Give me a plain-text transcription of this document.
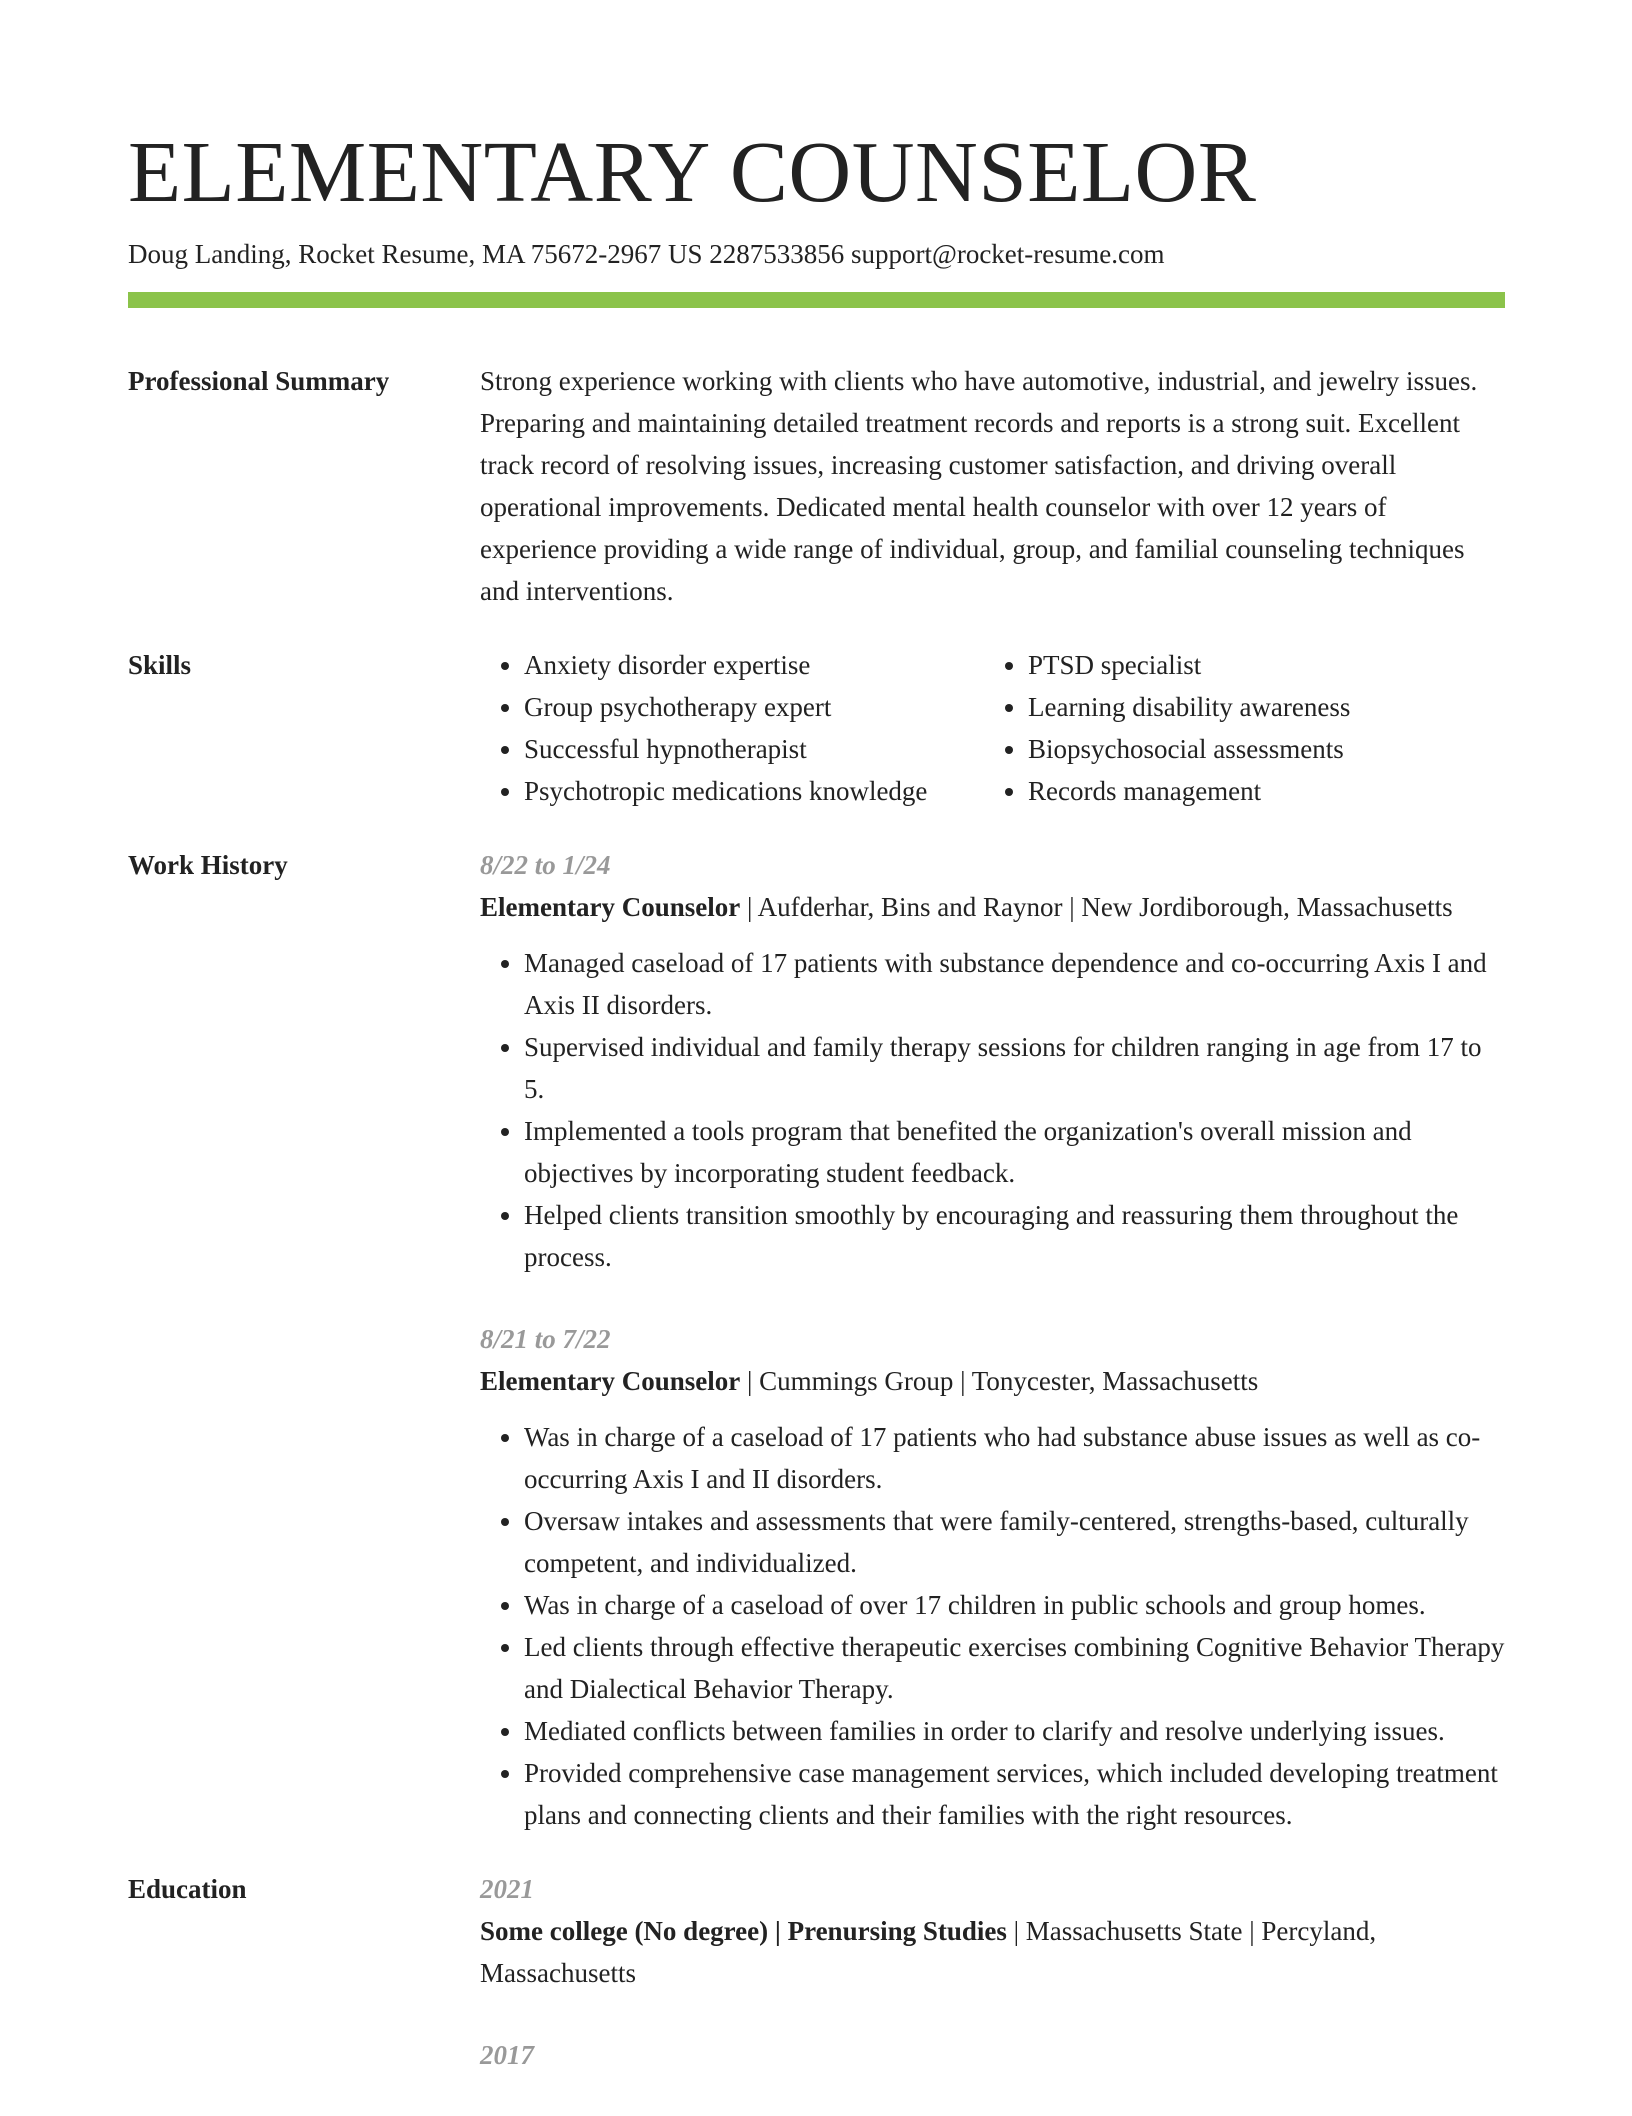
ELEMENTARY COUNSELOR
Doug Landing, Rocket Resume, MA 75672-2967 US 2287533856 support@rocket-resume.com
Professional Summary	Strong experience working with clients who have automotive, industrial, and jewelry issues. Preparing and maintaining detailed treatment records and reports is a strong suit. Excellent track record of resolving issues, increasing customer satisfaction, and driving overall operational improvements. Dedicated mental health counselor with over 12 years of experience providing a wide range of individual, group, and familial counseling techniques and interventions.

Skills
•	Anxiety disorder expertise
• Group psychotherapy expert
• Successful hypnotherapist
• Psychotropic medications knowledge
• PTSD specialist
• Learning disability awareness
• Biopsychosocial assessments
• Records management
Work History	8/22 to 1/24
Elementary Counselor | Aufderhar, Bins and Raynor | New Jordiborough, Massachusetts
• Managed caseload of 17 patients with substance dependence and co-occurring Axis I and Axis II disorders.
• Supervised individual and family therapy sessions for children ranging in age from 17 to 5.
• Implemented a tools program that benefited the organization's overall mission and objectives by incorporating student feedback.
• Helped clients transition smoothly by encouraging and reassuring them throughout the process.
8/21 to 7/22
Elementary Counselor | Cummings Group | Tonycester, Massachusetts
• Was in charge of a caseload of 17 patients who had substance abuse issues as well as co-occurring Axis I and II disorders.
• Oversaw intakes and assessments that were family-centered, strengths-based, culturally competent, and individualized.
• Was in charge of a caseload of over 17 children in public schools and group homes.
• Led clients through effective therapeutic exercises combining Cognitive Behavior Therapy and Dialectical Behavior Therapy.
• Mediated conflicts between families in order to clarify and resolve underlying issues.
• Provided comprehensive case management services, which included developing treatment plans and connecting clients and their families with the right resources.
Education	2021
Some college (No degree) | Prenursing Studies | Massachusetts State | Percyland, Massachusetts
2017
